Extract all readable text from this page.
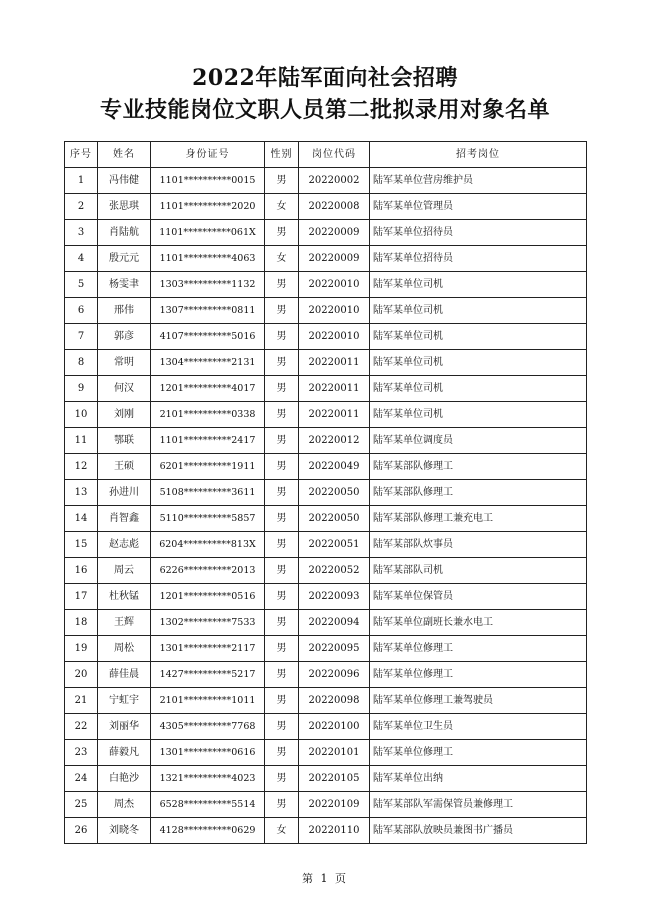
2022年陆军面向社会招聘
专业技能岗位文职人员第二批拟录用对象名单
序号	姓名	身份证号	性别	岗位代码	招考岗位
1	冯伟健	1101**********0015	男	20220002	陆军某单位营房维护员
2	张思琪	1101**********2020	女	20220008	陆军某单位管理员
3	肖陆航	1101**********061X	男	20220009	陆军某单位招待员
4	殷元元	1101**********4063	女	20220009	陆军某单位招待员
5	杨雯聿	1303**********1132	男	20220010	陆军某单位司机
6	邢伟	1307**********0811	男	20220010	陆军某单位司机
7	郭彦	4107**********5016	男	20220010	陆军某单位司机
8	常明	1304**********2131	男	20220011	陆军某单位司机
9	何汉	1201**********4017	男	20220011	陆军某单位司机
10	刘刚	2101**********0338	男	20220011	陆军某单位司机
11	鄂联	1101**********2417	男	20220012	陆军某单位调度员
12	王硕	6201**********1911	男	20220049	陆军某部队修理工
13	孙进川	5108**********3611	男	20220050	陆军某部队修理工
14	肖智鑫	5110**********5857	男	20220050	陆军某部队修理工兼充电工
15	赵志彪	6204**********813X	男	20220051	陆军某部队炊事员
16	周云	6226**********2013	男	20220052	陆军某部队司机
17	杜秋锰	1201**********0516	男	20220093	陆军某单位保管员
18	王辉	1302**********7533	男	20220094	陆军某单位副班长兼水电工
19	周松	1301**********2117	男	20220095	陆军某单位修理工
20	薛佳晨	1427**********5217	男	20220096	陆军某单位修理工
21	宁虹宇	2101**********1011	男	20220098	陆军某单位修理工兼驾驶员
22	刘丽华	4305**********7768	男	20220100	陆军某单位卫生员
23	薛毅凡	1301**********0616	男	20220101	陆军某单位修理工
24	白艳沙	1321**********4023	男	20220105	陆军某单位出纳
25	周杰	6528**********5514	男	20220109	陆军某部队军需保管员兼修理工
26	刘晓冬	4128**********0629	女	20220110	陆军某部队放映员兼图书广播员
第 1 页
